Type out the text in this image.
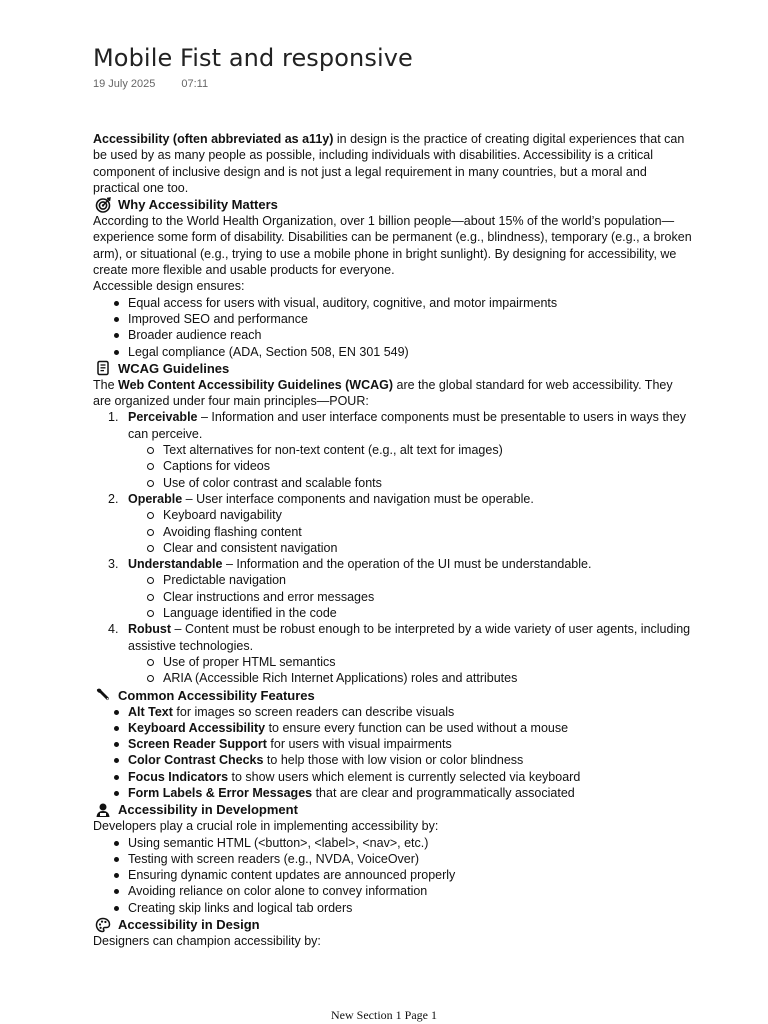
Mobile Fist and responsive
19 July 2025 07:11

Accessibility (often abbreviated as a11y) in design is the practice of creating digital experiences that can be used by as many people as possible, including individuals with disabilities. Accessibility is a critical component of inclusive design and is not just a legal requirement in many countries, but a moral and practical one too.

Why Accessibility Matters

According to the World Health Organization, over 1 billion people—about 15% of the world’s population—experience some form of disability. Disabilities can be permanent (e.g., blindness), temporary (e.g., a broken arm), or situational (e.g., trying to use a mobile phone in bright sunlight). By designing for accessibility, we create more flexible and usable products for everyone.

Accessible design ensures:

Equal access for users with visual, auditory, cognitive, and motor impairments
Improved SEO and performance
Broader audience reach
Legal compliance (ADA, Section 508, EN 301 549)
WCAG Guidelines

The Web Content Accessibility Guidelines (WCAG) are the global standard for web accessibility. They are organized under four main principles—POUR:

1. Perceivable – Information and user interface components must be presentable to users in ways they can perceive.
Text alternatives for non-text content (e.g., alt text for images)
Captions for videos
Use of color contrast and scalable fonts
2. Operable – User interface components and navigation must be operable.
Keyboard navigability
Avoiding flashing content
Clear and consistent navigation
3. Understandable – Information and the operation of the UI must be understandable.
Predictable navigation
Clear instructions and error messages
Language identified in the code
4. Robust – Content must be robust enough to be interpreted by a wide variety of user agents, including assistive technologies.
Use of proper HTML semantics
ARIA (Accessible Rich Internet Applications) roles and attributes
Common Accessibility Features
Alt Text for images so screen readers can describe visuals
Keyboard Accessibility to ensure every function can be used without a mouse
Screen Reader Support for users with visual impairments
Color Contrast Checks to help those with low vision or color blindness
Focus Indicators to show users which element is currently selected via keyboard
Form Labels & Error Messages that are clear and programmatically associated
Accessibility in Development

Developers play a crucial role in implementing accessibility by:

Using semantic HTML (<button>, <label>, <nav>, etc.)
Testing with screen readers (e.g., NVDA, VoiceOver)
Ensuring dynamic content updates are announced properly
Avoiding reliance on color alone to convey information
Creating skip links and logical tab orders
Accessibility in Design

Designers can champion accessibility by:

New Section 1 Page 1
